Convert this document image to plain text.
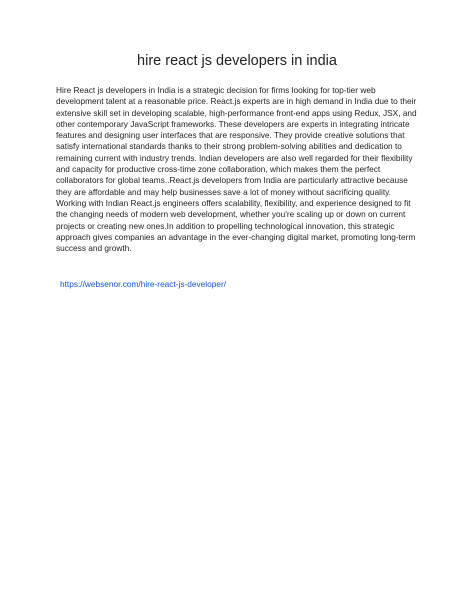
hire react js developers in india

Hire React js developers in India is a strategic decision for firms looking for top-tier web development talent at a reasonable price. React.js experts are in high demand in India due to their extensive skill set in developing scalable, high-performance front-end apps using Redux, JSX, and other contemporary JavaScript frameworks. These developers are experts in integrating intricate features and designing user interfaces that are responsive. They provide creative solutions that satisfy international standards thanks to their strong problem-solving abilities and dedication to remaining current with industry trends. Indian developers are also well regarded for their flexibility and capacity for productive cross-time zone collaboration, which makes them the perfect collaborators for global teams..React.js developers from India are particularly attractive because they are affordable and may help businesses save a lot of money without sacrificing quality. Working with Indian React.js engineers offers scalability, flexibility, and experience designed to fit the changing needs of modern web development, whether you're scaling up or down on current projects or creating new ones.In addition to propelling technological innovation, this strategic approach gives companies an advantage in the ever-changing digital market, promoting long-term success and growth.

https://websenor.com/hire-react-js-developer/
